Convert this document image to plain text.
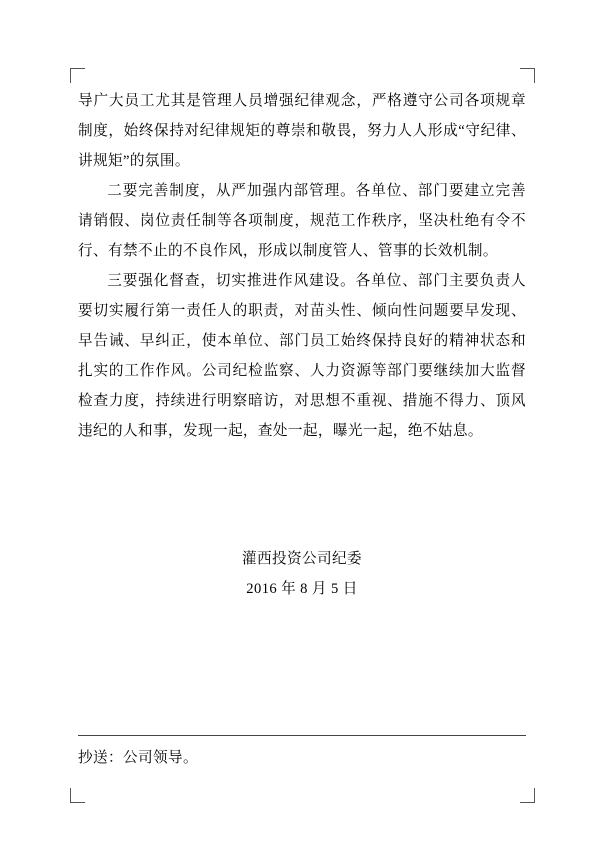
导广大员工尤其是管理人员增强纪律观念，严格遵守公司各项规章制度，始终保持对纪律规矩的尊崇和敬畏，努力人人形成“守纪律、讲规矩”的氛围。

二要完善制度，从严加强内部管理。各单位、部门要建立完善请销假、岗位责任制等各项制度，规范工作秩序，坚决杜绝有令不行、有禁不止的不良作风，形成以制度管人、管事的长效机制。

三要强化督查，切实推进作风建设。各单位、部门主要负责人要切实履行第一责任人的职责，对苗头性、倾向性问题要早发现、早告诫、早纠正，使本单位、部门员工始终保持良好的精神状态和扎实的工作作风。公司纪检监察、人力资源等部门要继续加大监督检查力度，持续进行明察暗访，对思想不重视、措施不得力、顶风违纪的人和事，发现一起，查处一起，曝光一起，绝不姑息。

灌西投资公司纪委
2016 年 8 月 5 日
抄送：公司领导。
